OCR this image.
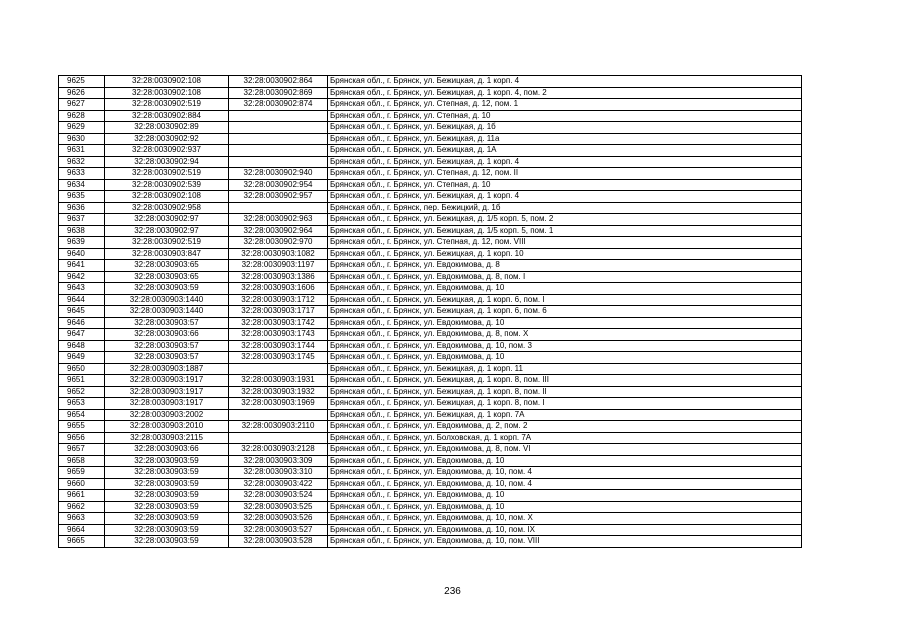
9625	32:28:0030902:108	32:28:0030902:864	Брянская обл., г. Брянск, ул. Бежицкая, д. 1 корп. 4
9626	32:28:0030902:108	32:28:0030902:869	Брянская обл., г. Брянск, ул. Бежицкая, д. 1 корп. 4, пом. 2
9627	32:28:0030902:519	32:28:0030902:874	Брянская обл., г. Брянск, ул. Степная, д. 12, пом. 1
9628	32:28:0030902:884		Брянская обл., г. Брянск, ул. Степная, д. 10
9629	32:28:0030902:89		Брянская обл., г. Брянск, ул. Бежицкая, д. 1б
9630	32:28:0030902:92		Брянская обл., г. Брянск, ул. Бежицкая, д. 11а
9631	32:28:0030902:937		Брянская обл., г. Брянск, ул. Бежицкая, д. 1А
9632	32:28:0030902:94		Брянская обл., г. Брянск, ул. Бежицкая, д. 1 корп. 4
9633	32:28:0030902:519	32:28:0030902:940	Брянская обл., г. Брянск, ул. Степная, д. 12, пом. II
9634	32:28:0030902:539	32:28:0030902:954	Брянская обл., г. Брянск, ул. Степная, д. 10
9635	32:28:0030902:108	32:28:0030902:957	Брянская обл., г. Брянск, ул. Бежицкая, д. 1 корп. 4
9636	32:28:0030902:958		Брянская обл., г. Брянск, пер. Бежицкий, д. 1б
9637	32:28:0030902:97	32:28:0030902:963	Брянская обл., г. Брянск, ул. Бежицкая, д. 1/5 корп. 5, пом. 2
9638	32:28:0030902:97	32:28:0030902:964	Брянская обл., г. Брянск, ул. Бежицкая, д. 1/5 корп. 5, пом. 1
9639	32:28:0030902:519	32:28:0030902:970	Брянская обл., г. Брянск, ул. Степная, д. 12, пом. VIII
9640	32:28:0030903:847	32:28:0030903:1082	Брянская обл., г. Брянск, ул. Бежицкая, д. 1 корп. 10
9641	32:28:0030903:65	32:28:0030903:1197	Брянская обл., г. Брянск, ул. Евдокимова, д. 8
9642	32:28:0030903:65	32:28:0030903:1386	Брянская обл., г. Брянск, ул. Евдокимова, д. 8, пом. I
9643	32:28:0030903:59	32:28:0030903:1606	Брянская обл., г. Брянск, ул. Евдокимова, д. 10
9644	32:28:0030903:1440	32:28:0030903:1712	Брянская обл., г. Брянск, ул. Бежицкая, д. 1 корп. 6, пом. I
9645	32:28:0030903:1440	32:28:0030903:1717	Брянская обл., г. Брянск, ул. Бежицкая, д. 1 корп. 6, пом. 6
9646	32:28:0030903:57	32:28:0030903:1742	Брянская обл., г. Брянск, ул. Евдокимова, д. 10
9647	32:28:0030903:66	32:28:0030903:1743	Брянская обл., г. Брянск, ул. Евдокимова, д. 8, пом. X
9648	32:28:0030903:57	32:28:0030903:1744	Брянская обл., г. Брянск, ул. Евдокимова, д. 10, пом. 3
9649	32:28:0030903:57	32:28:0030903:1745	Брянская обл., г. Брянск, ул. Евдокимова, д. 10
9650	32:28:0030903:1887		Брянская обл., г. Брянск, ул. Бежицкая, д. 1 корп. 11
9651	32:28:0030903:1917	32:28:0030903:1931	Брянская обл., г. Брянск, ул. Бежицкая, д. 1 корп. 8, пом. III
9652	32:28:0030903:1917	32:28:0030903:1932	Брянская обл., г. Брянск, ул. Бежицкая, д. 1 корп. 8, пом. II
9653	32:28:0030903:1917	32:28:0030903:1969	Брянская обл., г. Брянск, ул. Бежицкая, д. 1 корп. 8, пом. I
9654	32:28:0030903:2002		Брянская обл., г. Брянск, ул. Бежицкая, д. 1 корп. 7А
9655	32:28:0030903:2010	32:28:0030903:2110	Брянская обл., г. Брянск, ул. Евдокимова, д. 2, пом. 2
9656	32:28:0030903:2115		Брянская обл., г. Брянск, ул. Болховская, д. 1 корп. 7А
9657	32:28:0030903:66	32:28:0030903:2128	Брянская обл., г. Брянск, ул. Евдокимова, д. 8, пом. VI
9658	32:28:0030903:59	32:28:0030903:309	Брянская обл., г. Брянск, ул. Евдокимова, д. 10
9659	32:28:0030903:59	32:28:0030903:310	Брянская обл., г. Брянск, ул. Евдокимова, д. 10, пом. 4
9660	32:28:0030903:59	32:28:0030903:422	Брянская обл., г. Брянск, ул. Евдокимова, д. 10, пом. 4
9661	32:28:0030903:59	32:28:0030903:524	Брянская обл., г. Брянск, ул. Евдокимова, д. 10
9662	32:28:0030903:59	32:28:0030903:525	Брянская обл., г. Брянск, ул. Евдокимова, д. 10
9663	32:28:0030903:59	32:28:0030903:526	Брянская обл., г. Брянск, ул. Евдокимова, д. 10, пом. X
9664	32:28:0030903:59	32:28:0030903:527	Брянская обл., г. Брянск, ул. Евдокимова, д. 10, пом. IX
9665	32:28:0030903:59	32:28:0030903:528	Брянская обл., г. Брянск, ул. Евдокимова, д. 10, пом. VIII
236
